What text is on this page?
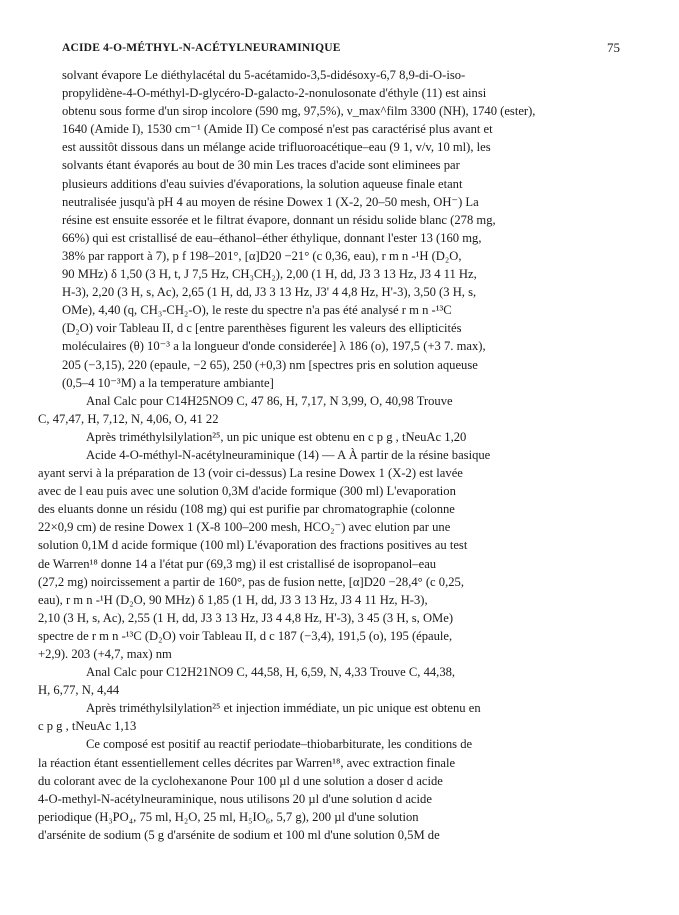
ACIDE 4-O-MÉTHYL-N-ACÉTYLNEURAMINIQUE	75
solvant évapore Le diéthylacétal du 5-acétamido-3,5-didésoxy-6,7 8,9-di-O-iso-
propylidène-4-O-méthyl-D-glycéro-D-galacto-2-nonulosonate d'éthyle (11) est ainsi
obtenu sous forme d'un sirop incolore (590 mg, 97,5%), ν_max^film 3300 (NH), 1740 (ester),
1640 (Amide I), 1530 cm⁻¹ (Amide II) Ce composé n'est pas caractérisé plus avant et
est aussitôt dissous dans un mélange acide trifluoroacétique–eau (9 1, v/v, 10 ml), les
solvants étant évaporés au bout de 30 min Les traces d'acide sont eliminees par
plusieurs additions d'eau suivies d'évaporations, la solution aqueuse finale etant
neutralisée jusqu'à pH 4 au moyen de résine Dowex 1 (X-2, 20–50 mesh, OH⁻) La
résine est ensuite essorée et le filtrat évapore, donnant un résidu solide blanc (278 mg,
66%) qui est cristallisé de eau–éthanol–éther éthylique, donnant l'ester 13 (160 mg,
38% par rapport à 7), p f 198–201°, [α]D20 −21° (c 0,36, eau), r m n -¹H (D₂O,
90 MHz) δ 1,50 (3 H, t, J 7,5 Hz, CH₃CH₂), 2,00 (1 H, dd, J3 3 13 Hz, J3 4 11 Hz,
H-3), 2,20 (3 H, s, Ac), 2,65 (1 H, dd, J3 3 13 Hz, J3' 4 4,8 Hz, H'-3), 3,50 (3 H, s,
OMe), 4,40 (q, CH₃-CH₂-O), le reste du spectre n'a pas été analysé r m n -¹³C
(D₂O) voir Tableau II, d c [entre parenthèses figurent les valeurs des ellipticités
moléculaires (θ) 10⁻³ a la longueur d'onde considerée] λ 186 (o), 197,5 (+3 7. max),
205 (−3,15), 220 (epaule, −2 65), 250 (+0,3) nm [spectres pris en solution aqueuse
(0,5–4 10⁻³M) a la temperature ambiante]
Anal Calc pour C14H25NO9 C, 47 86, H, 7,17, N 3,99, O, 40,98 Trouve
C, 47,47, H, 7,12, N, 4,06, O, 41 22
Après triméthylsilylation²⁵, un pic unique est obtenu en c p g , tNeuAc 1,20
Acide 4-O-méthyl-N-acétylneuraminique (14) — A À partir de la résine basique
ayant servi à la préparation de 13 (voir ci-dessus) La resine Dowex 1 (X-2) est lavée
avec de l eau puis avec une solution 0,3M d'acide formique (300 ml) L'evaporation
des eluants donne un résidu (108 mg) qui est purifie par chromatographie (colonne
22×0,9 cm) de resine Dowex 1 (X-8 100–200 mesh, HCO₂⁻) avec elution par une
solution 0,1M d acide formique (100 ml) L'évaporation des fractions positives au test
de Warren¹⁸ donne 14 a l'état pur (69,3 mg) il est cristallisé de isopropanol–eau
(27,2 mg) noircissement a partir de 160°, pas de fusion nette, [α]D20 −28,4° (c 0,25,
eau), r m n -¹H (D₂O, 90 MHz) δ 1,85 (1 H, dd, J3 3 13 Hz, J3 4 11 Hz, H-3),
2,10 (3 H, s, Ac), 2,55 (1 H, dd, J3 3 13 Hz, J3 4 4,8 Hz, H'-3), 3 45 (3 H, s, OMe)
spectre de r m n -¹³C (D₂O) voir Tableau II, d c 187 (−3,4), 191,5 (o), 195 (épaule,
+2,9). 203 (+4,7, max) nm
Anal Calc pour C12H21NO9 C, 44,58, H, 6,59, N, 4,33 Trouve C, 44,38,
H, 6,77, N, 4,44
Après triméthylsilylation²⁵ et injection immédiate, un pic unique est obtenu en
c p g , tNeuAc 1,13
Ce composé est positif au reactif periodate–thiobarbiturate, les conditions de
la réaction étant essentiellement celles décrites par Warren¹⁸, avec extraction finale
du colorant avec de la cyclohexanone Pour 100 µl d une solution a doser d acide
4-O-methyl-N-acétylneuraminique, nous utilisons 20 µl d'une solution d acide
periodique (H₃PO₄, 75 ml, H₂O, 25 ml, H₅IO₆, 5,7 g), 200 µl d'une solution
d'arsénite de sodium (5 g d'arsénite de sodium et 100 ml d'une solution 0,5M de
